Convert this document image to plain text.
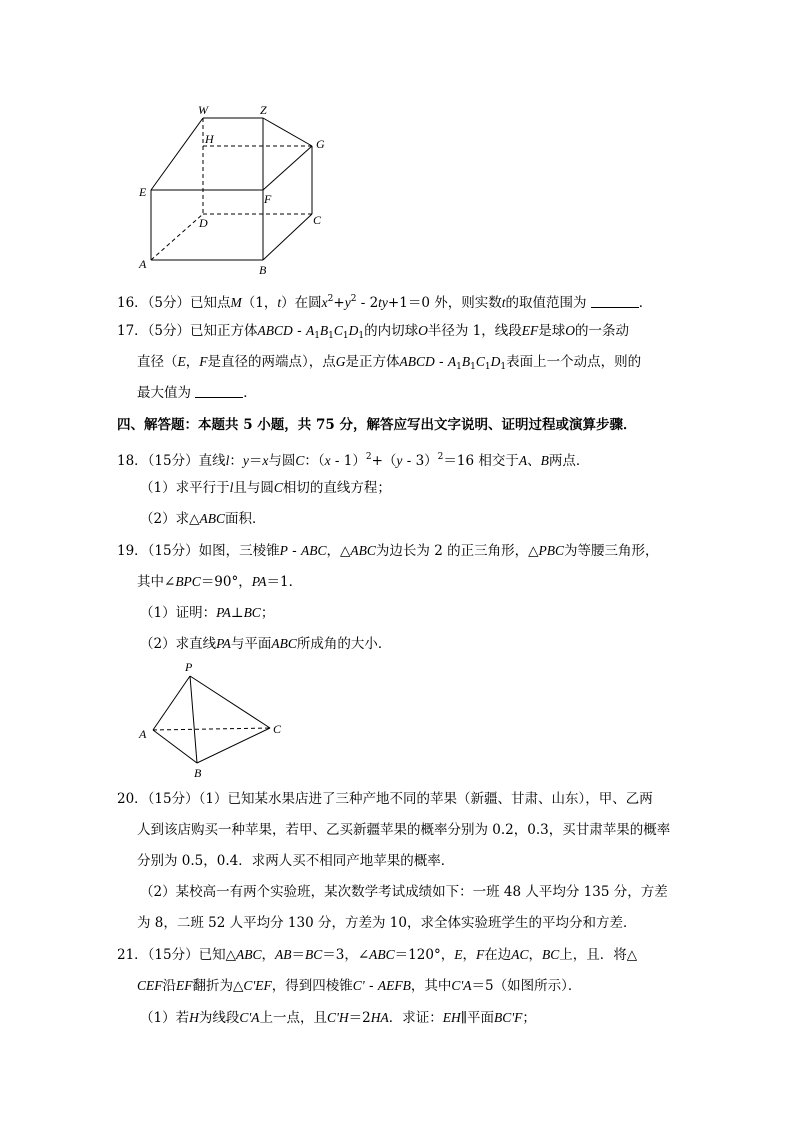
W	Z
H	G
E	F
D	C
A	B
16．（5分）已知点M（1，t）在圆$x^2+y^2 - 2ty+1=0$ 外，则实数t的取值范围为	．
17．（5分）已知正方体ABCD - $A_1B_1C_1D_1$的内切球O半径为 1，线段EF是球O的一条动
直径（E，F是直径的两端点），点G是正方体ABCD - $A_1B_1C_1D_1$表面上一个动点，则的
最大值为	．
四、解答题：本题共 5 小题，共 75 分，解答应写出文字说明、证明过程或演算步骤．
18．（15分）直线l：y＝x与圆C：（x - 1）$^2$+（y - 3）$^2$＝16 相交于A、B两点．
（1）求平行于l且与圆C相切的直线方程；
（2）求△ABC面积．
19．（15分）如图，三棱锥P - ABC，△ABC为边长为 2 的正三角形，△PBC为等腰三角形，
其中∠BPC＝90°，PA＝1．
（1）证明：PA⊥BC；
（2）求直线PA与平面ABC所成角的大小．
P
A
B
C
20．（15分）（1）已知某水果店进了三种产地不同的苹果（新疆、甘肃、山东），甲、乙两
人到该店购买一种苹果，若甲、乙买新疆苹果的概率分别为 0.2，0.3，买甘肃苹果的概率
分别为 0.5，0.4．求两人买不相同产地苹果的概率．
（2）某校高一有两个实验班，某次数学考试成绩如下：一班 48 人平均分 135 分，方差
为 8，二班 52 人平均分 130 分，方差为 10，求全体实验班学生的平均分和方差．
21．（15分）已知△ABC，AB＝BC＝3，∠ABC＝120°，E，F在边AC，BC上，且．将△
CEF沿EF翻折为△C'EF，得到四棱锥C' - AEFB，其中C'A＝5（如图所示）．
（1）若H为线段C'A上一点，且C'H＝2HA．求证：EH∥平面BC'F；
